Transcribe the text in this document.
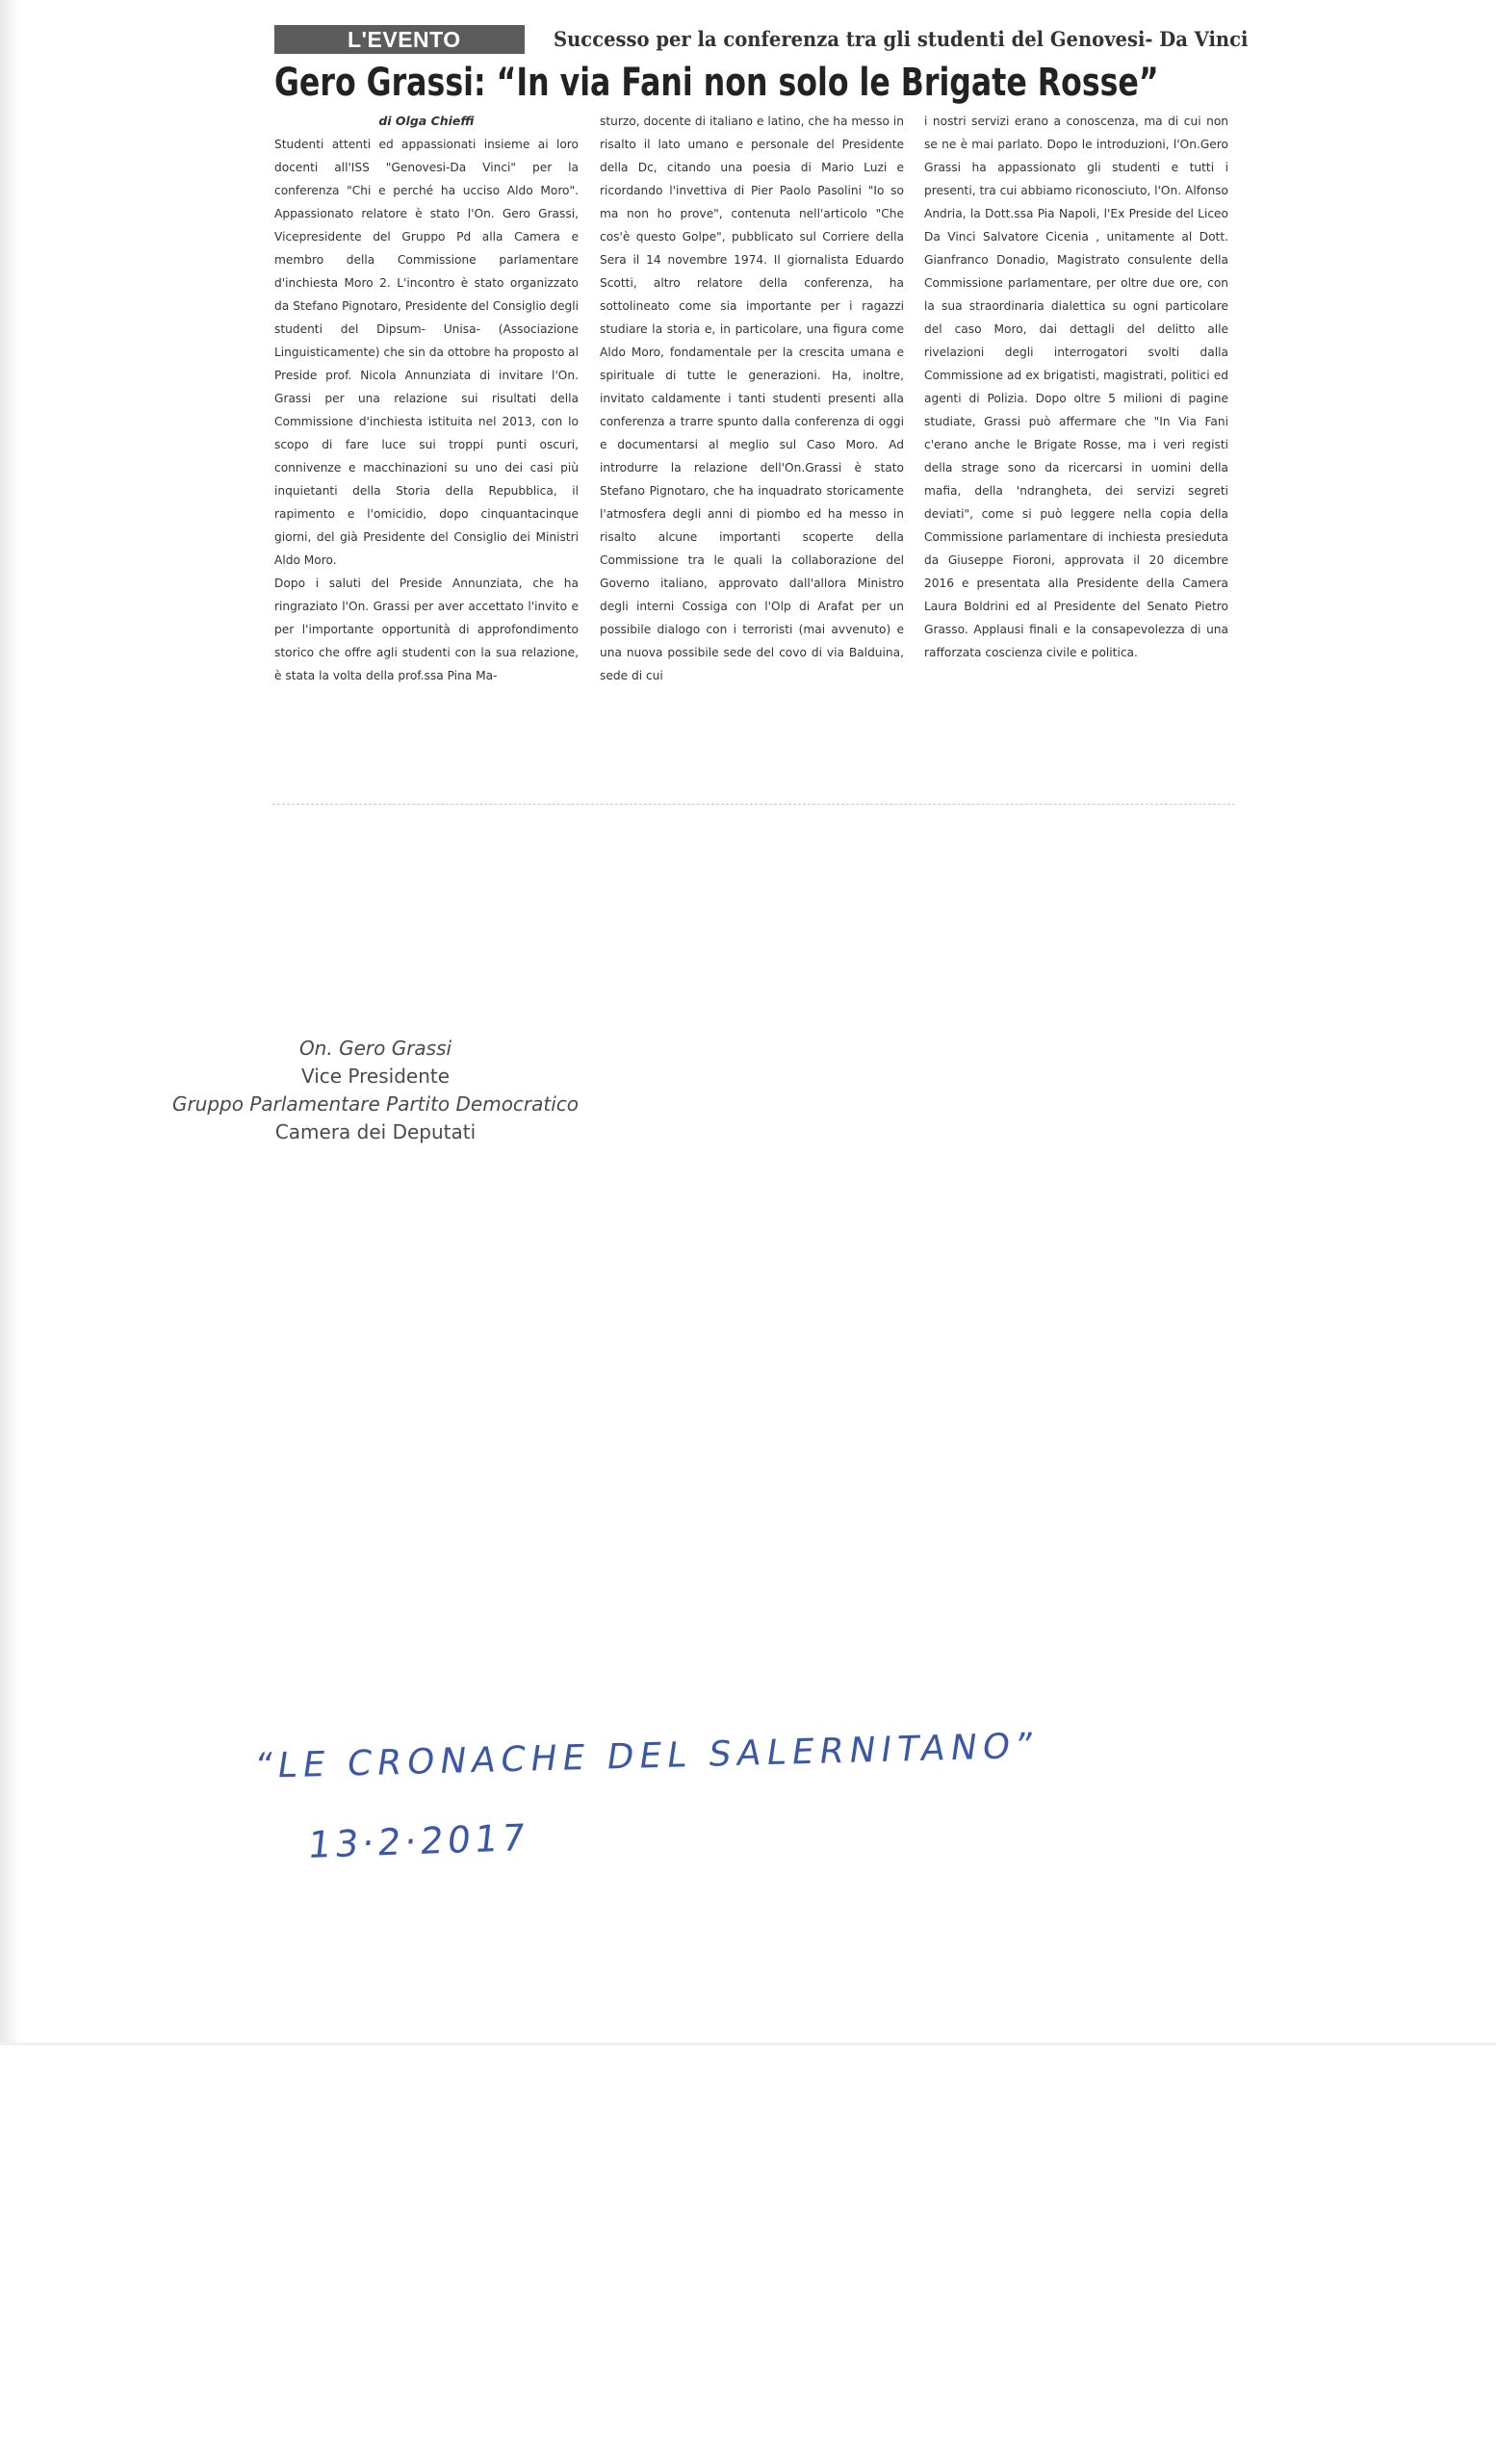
L'EVENTO	Successo per la conferenza tra gli studenti del Genovesi- Da Vinci
Gero Grassi: “In via Fani non solo le Brigate Rosse”
di Olga Chieffi

Studenti attenti ed appassionati insieme ai loro docenti all'ISS "Genovesi-Da Vinci" per la conferenza "Chi e perché ha ucciso Aldo Moro". Appassionato relatore è stato l'On. Gero Grassi, Vicepresidente del Gruppo Pd alla Camera e membro della Commissione parlamentare d'inchiesta Moro 2. L'incontro è stato organizzato da Stefano Pignotaro, Presidente del Consiglio degli studenti del Dipsum- Unisa- (Associazione Linguisticamente) che sin da ottobre ha proposto al Preside prof. Nicola Annunziata di invitare l'On. Grassi per una relazione sui risultati della Commissione d'inchiesta istituita nel 2013, con lo scopo di fare luce sui troppi punti oscuri, connivenze e macchinazioni su uno dei casi più inquietanti della Storia della Repubblica, il rapimento e l'omicidio, dopo cinquantacinque giorni, del già Presidente del Consiglio dei Ministri Aldo Moro.

Dopo i saluti del Preside Annunziata, che ha ringraziato l'On. Grassi per aver accettato l'invito e per l'importante opportunità di approfondimento storico che offre agli studenti con la sua relazione, è stata la volta della prof.ssa Pina Ma-

sturzo, docente di italiano e latino, che ha messo in risalto il lato umano e personale del Presidente della Dc, citando una poesia di Mario Luzi e ricordando l'invettiva di Pier Paolo Pasolini "Io so ma non ho prove", contenuta nell'articolo "Che cos'è questo Golpe", pubblicato sul Corriere della Sera il 14 novembre 1974. Il giornalista Eduardo Scotti, altro relatore della conferenza, ha sottolineato come sia importante per i ragazzi studiare la storia e, in particolare, una figura come Aldo Moro, fondamentale per la crescita umana e spirituale di tutte le generazioni. Ha, inoltre, invitato caldamente i tanti studenti presenti alla conferenza a trarre spunto dalla conferenza di oggi e documentarsi al meglio sul Caso Moro. Ad introdurre la relazione dell'On.Grassi è stato Stefano Pignotaro, che ha inquadrato storicamente l'atmosfera degli anni di piombo ed ha messo in risalto alcune importanti scoperte della Commissione tra le quali la collaborazione del Governo italiano, approvato dall'allora Ministro degli interni Cossiga con l'Olp di Arafat per un possibile dialogo con i terroristi (mai avvenuto) e una nuova possibile sede del covo di via Balduina, sede di cui

i nostri servizi erano a conoscenza, ma di cui non se ne è mai parlato. Dopo le introduzioni, l'On.Gero Grassi ha appassionato gli studenti e tutti i presenti, tra cui abbiamo riconosciuto, l'On. Alfonso Andria, la Dott.ssa Pia Napoli, l'Ex Preside del Liceo Da Vinci Salvatore Cicenia , unitamente al Dott. Gianfranco Donadio, Magistrato consulente della Commissione parlamentare, per oltre due ore, con la sua straordinaria dialettica su ogni particolare del caso Moro, dai dettagli del delitto alle rivelazioni degli interrogatori svolti dalla Commissione ad ex brigatisti, magistrati, politici ed agenti di Polizia. Dopo oltre 5 milioni di pagine studiate, Grassi può affermare che "In Via Fani c'erano anche le Brigate Rosse, ma i veri registi della strage sono da ricercarsi in uomini della mafia, della 'ndrangheta, dei servizi segreti deviati", come si può leggere nella copia della Commissione parlamentare di inchiesta presieduta da Giuseppe Fioroni, approvata il 20 dicembre 2016 e presentata alla Presidente della Camera Laura Boldrini ed al Presidente del Senato Pietro Grasso. Applausi finali e la consapevolezza di una rafforzata coscienza civile e politica.

On. Gero Grassi
Vice Presidente
Gruppo Parlamentare Partito Democratico
Camera dei Deputati
“LE CRONACHE DEL SALERNITANO”
13·2·2017
